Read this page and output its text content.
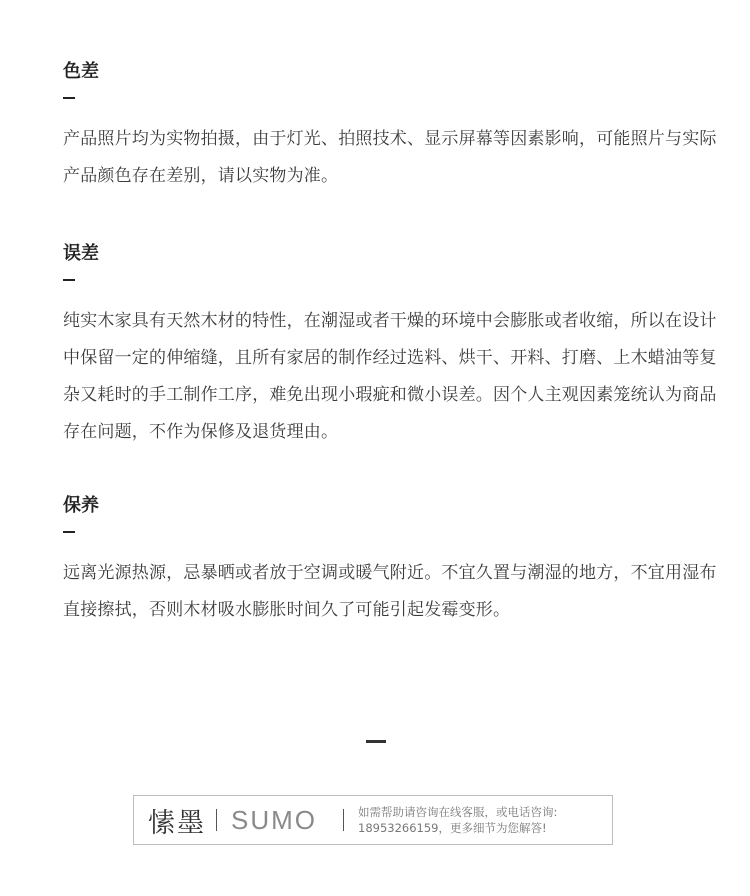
色差
产品照片均为实物拍摄，由于灯光、拍照技术、显示屏幕等因素影响，可能照片与实际产品颜色存在差别，请以实物为准。
误差
纯实木家具有天然木材的特性，在潮湿或者干燥的环境中会膨胀或者收缩，所以在设计中保留一定的伸缩缝，且所有家居的制作经过选料、烘干、开料、打磨、上木蜡油等复杂又耗时的手工制作工序，难免出现小瑕疵和微小误差。因个人主观因素笼统认为商品存在问题，不作为保修及退货理由。
保养
远离光源热源，忌暴晒或者放于空调或暖气附近。不宜久置与潮湿的地方，不宜用湿布直接擦拭，否则木材吸水膨胀时间久了可能引起发霉变形。
愫墨 SUMO	如需帮助请咨询在线客服，或电话咨询:
18953266159，更多细节为您解答!
